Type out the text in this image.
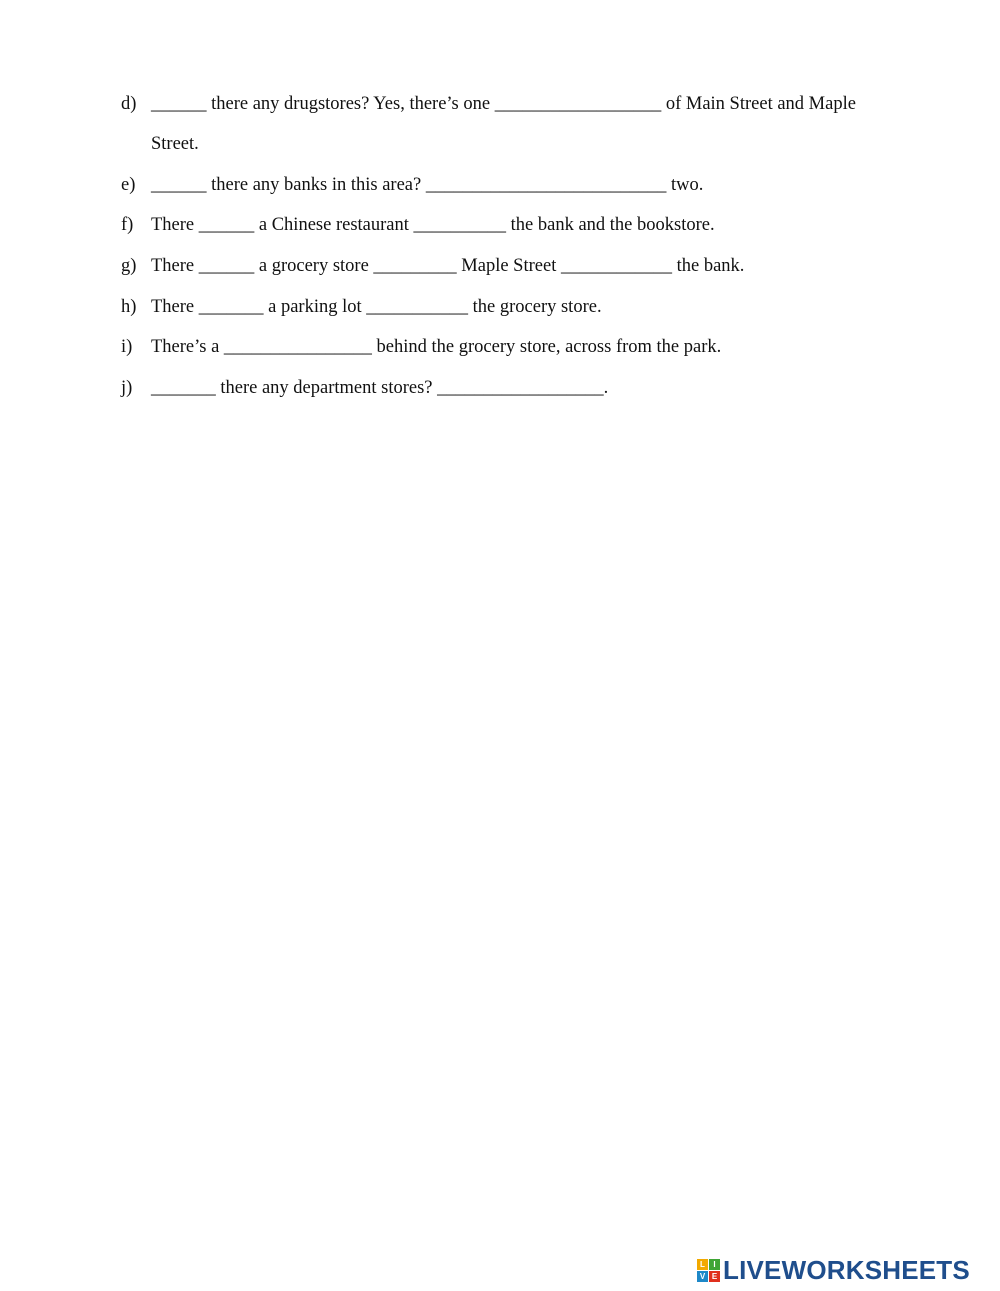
d) ______ there any drugstores? Yes, there’s one __________________ of Main Street and Maple
Street.
e) ______ there any banks in this area? __________________________ two.
f) There ______ a Chinese restaurant __________ the bank and the bookstore.
g) There ______ a grocery store _________ Maple Street ____________ the bank.
h) There _______ a parking lot ___________ the grocery store.
i) There’s a ________________ behind the grocery store, across from the park.
j) _______ there any department stores? __________________.
L	I
V E LIVEWORKSHEETS
